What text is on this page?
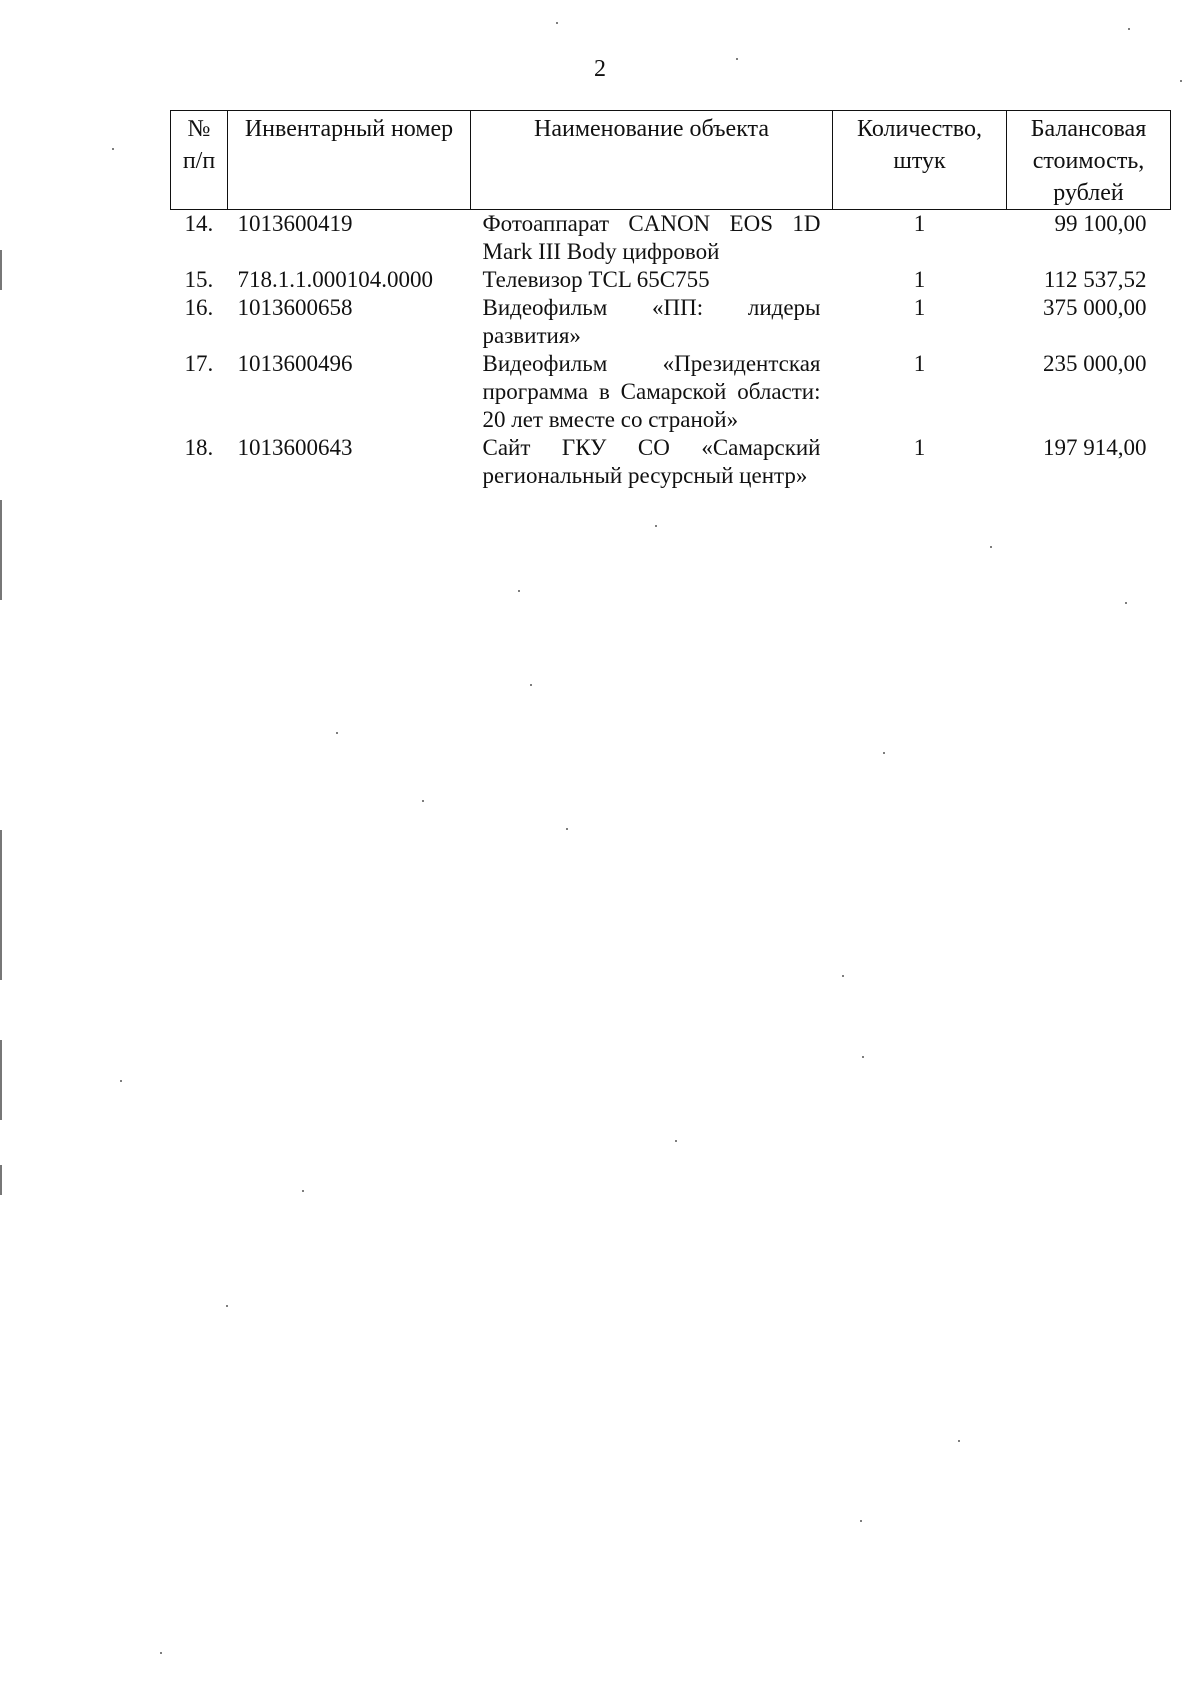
2
№ п/п	Инвентарный номер	Наименование объекта	Количество, штук	Балансовая стоимость, рублей
14.	1013600419	Фотоаппарат CANON EOS 1D Mark III Body цифровой	1	99 100,00
15.	718.1.1.000104.0000	Телевизор TCL 65C755	1	112 537,52
16.	1013600658	Видеофильм «ПП: лидеры развития»	1	375 000,00
17.	1013600496	Видеофильм «Президентская программа в Самарской области: 20 лет вместе со страной»	1	235 000,00
18.	1013600643	Сайт ГКУ СО «Самарский региональный ресурсный центр»	1	197 914,00
